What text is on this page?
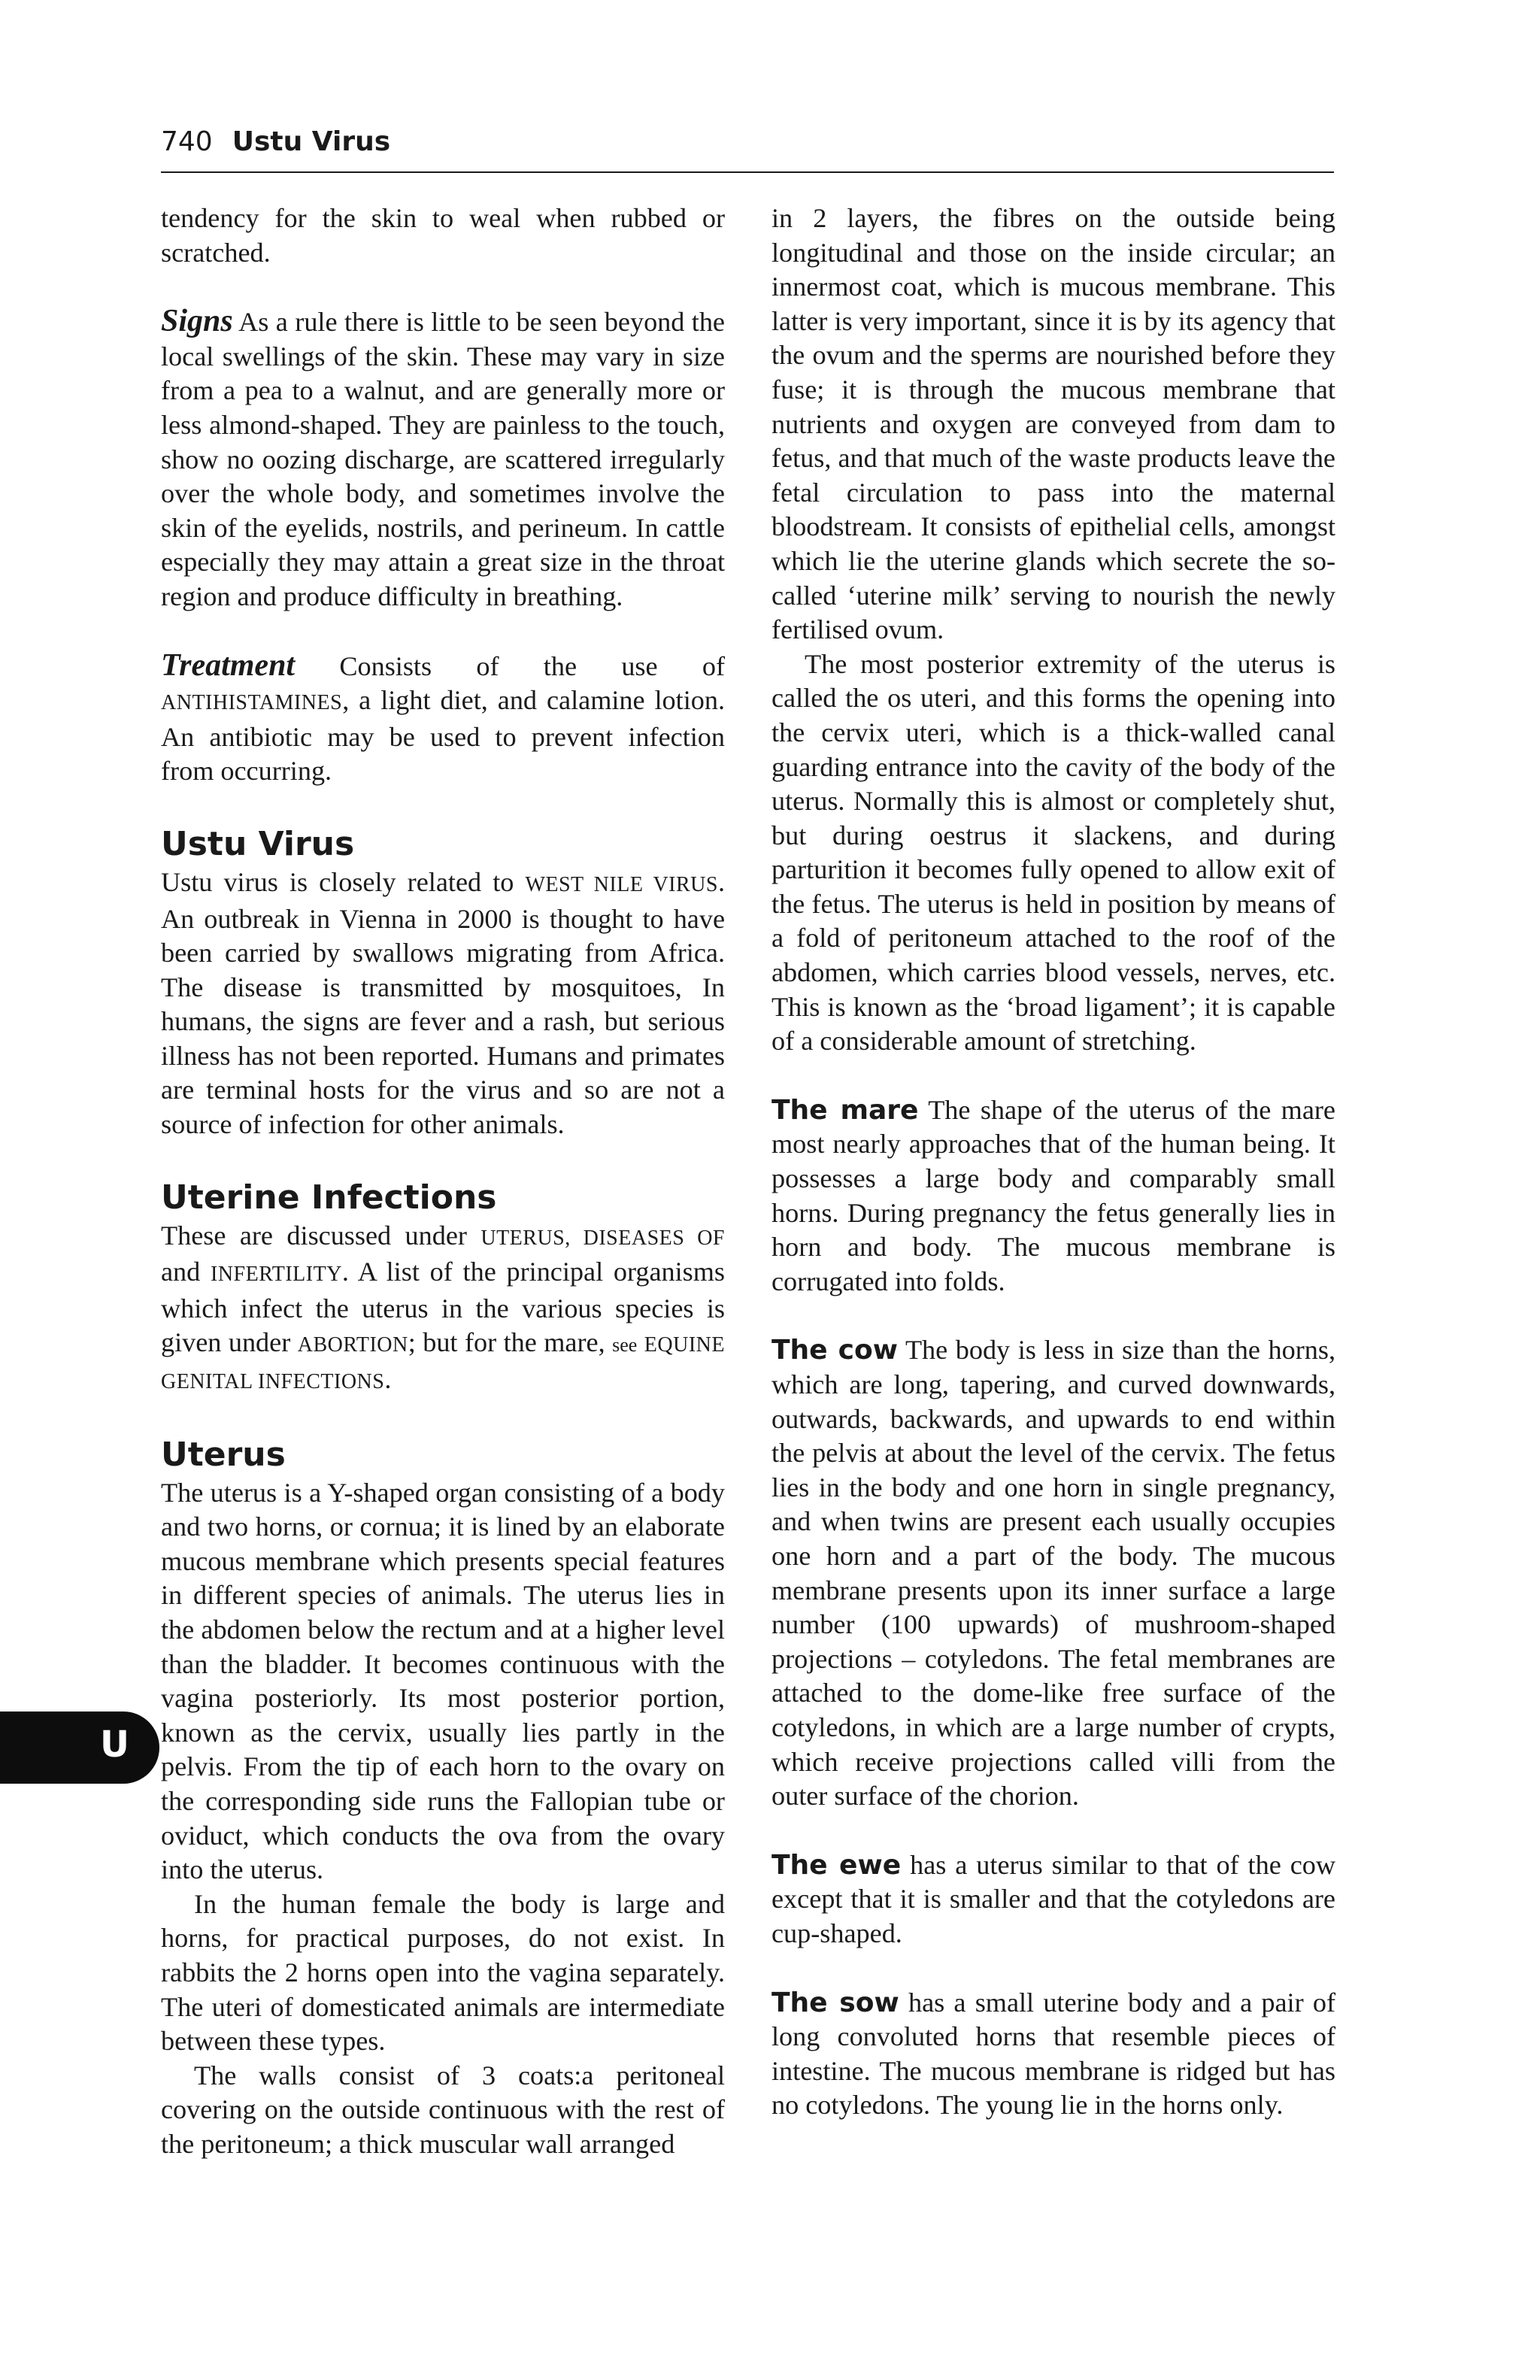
740 Ustu Virus
U

tendency for the skin to weal when rubbed or scratched.

Signs As a rule there is little to be seen beyond the local swellings of the skin. These may vary in size from a pea to a walnut, and are generally more or less almond-shaped. They are painless to the touch, show no oozing discharge, are scattered irregularly over the whole body, and sometimes involve the skin of the eyelids, nostrils, and perineum. In cattle especially they may attain a great size in the throat region and produce difficulty in breathing.

Treatment Consists of the use of ANTIHISTAMINES, a light diet, and calamine lotion. An antibiotic may be used to prevent infection from occurring.

Ustu Virus

Ustu virus is closely related to WEST NILE VIRUS. An outbreak in Vienna in 2000 is thought to have been carried by swallows migrating from Africa. The disease is transmitted by mosquitoes, In humans, the signs are fever and a rash, but serious illness has not been reported. Humans and primates are terminal hosts for the virus and so are not a source of infection for other animals.

Uterine Infections

These are discussed under UTERUS, DISEASES OF and INFERTILITY. A list of the principal organisms which infect the uterus in the various species is given under ABORTION; but for the mare, see EQUINE GENITAL INFECTIONS.

Uterus

The uterus is a Y-shaped organ consisting of a body and two horns, or cornua; it is lined by an elaborate mucous membrane which presents special features in different species of animals. The uterus lies in the abdomen below the rectum and at a higher level than the bladder. It becomes continuous with the vagina posteriorly. Its most posterior portion, known as the cervix, usually lies partly in the pelvis. From the tip of each horn to the ovary on the corresponding side runs the Fallopian tube or oviduct, which conducts the ova from the ovary into the uterus.

In the human female the body is large and horns, for practical purposes, do not exist. In rabbits the 2 horns open into the vagina separately. The uteri of domesticated animals are intermediate between these types.

The walls consist of 3 coats:a peritoneal covering on the outside continuous with the rest of the peritoneum; a thick muscular wall arranged

in 2 layers, the fibres on the outside being longitudinal and those on the inside circular; an innermost coat, which is mucous membrane. This latter is very important, since it is by its agency that the ovum and the sperms are nourished before they fuse; it is through the mucous membrane that nutrients and oxygen are conveyed from dam to fetus, and that much of the waste products leave the fetal circulation to pass into the maternal bloodstream. It consists of epithelial cells, amongst which lie the uterine glands which secrete the so-called ‘uterine milk’ serving to nourish the newly fertilised ovum.

The most posterior extremity of the uterus is called the os uteri, and this forms the opening into the cervix uteri, which is a thick-walled canal guarding entrance into the cavity of the body of the uterus. Normally this is almost or completely shut, but during oestrus it slackens, and during parturition it becomes fully opened to allow exit of the fetus. The uterus is held in position by means of a fold of peritoneum attached to the roof of the abdomen, which carries blood vessels, nerves, etc. This is known as the ‘broad ligament’; it is capable of a considerable amount of stretching.

The mare The shape of the uterus of the mare most nearly approaches that of the human being. It possesses a large body and comparably small horns. During pregnancy the fetus generally lies in horn and body. The mucous membrane is corrugated into folds.

The cow The body is less in size than the horns, which are long, tapering, and curved downwards, outwards, backwards, and upwards to end within the pelvis at about the level of the cervix. The fetus lies in the body and one horn in single pregnancy, and when twins are present each usually occupies one horn and a part of the body. The mucous membrane presents upon its inner surface a large number (100 upwards) of mushroom-shaped projections – cotyledons. The fetal membranes are attached to the dome-like free surface of the cotyledons, in which are a large number of crypts, which receive projections called villi from the outer surface of the chorion.

The ewe has a uterus similar to that of the cow except that it is smaller and that the cotyledons are cup-shaped.

The sow has a small uterine body and a pair of long convoluted horns that resemble pieces of intestine. The mucous membrane is ridged but has no cotyledons. The young lie in the horns only.
